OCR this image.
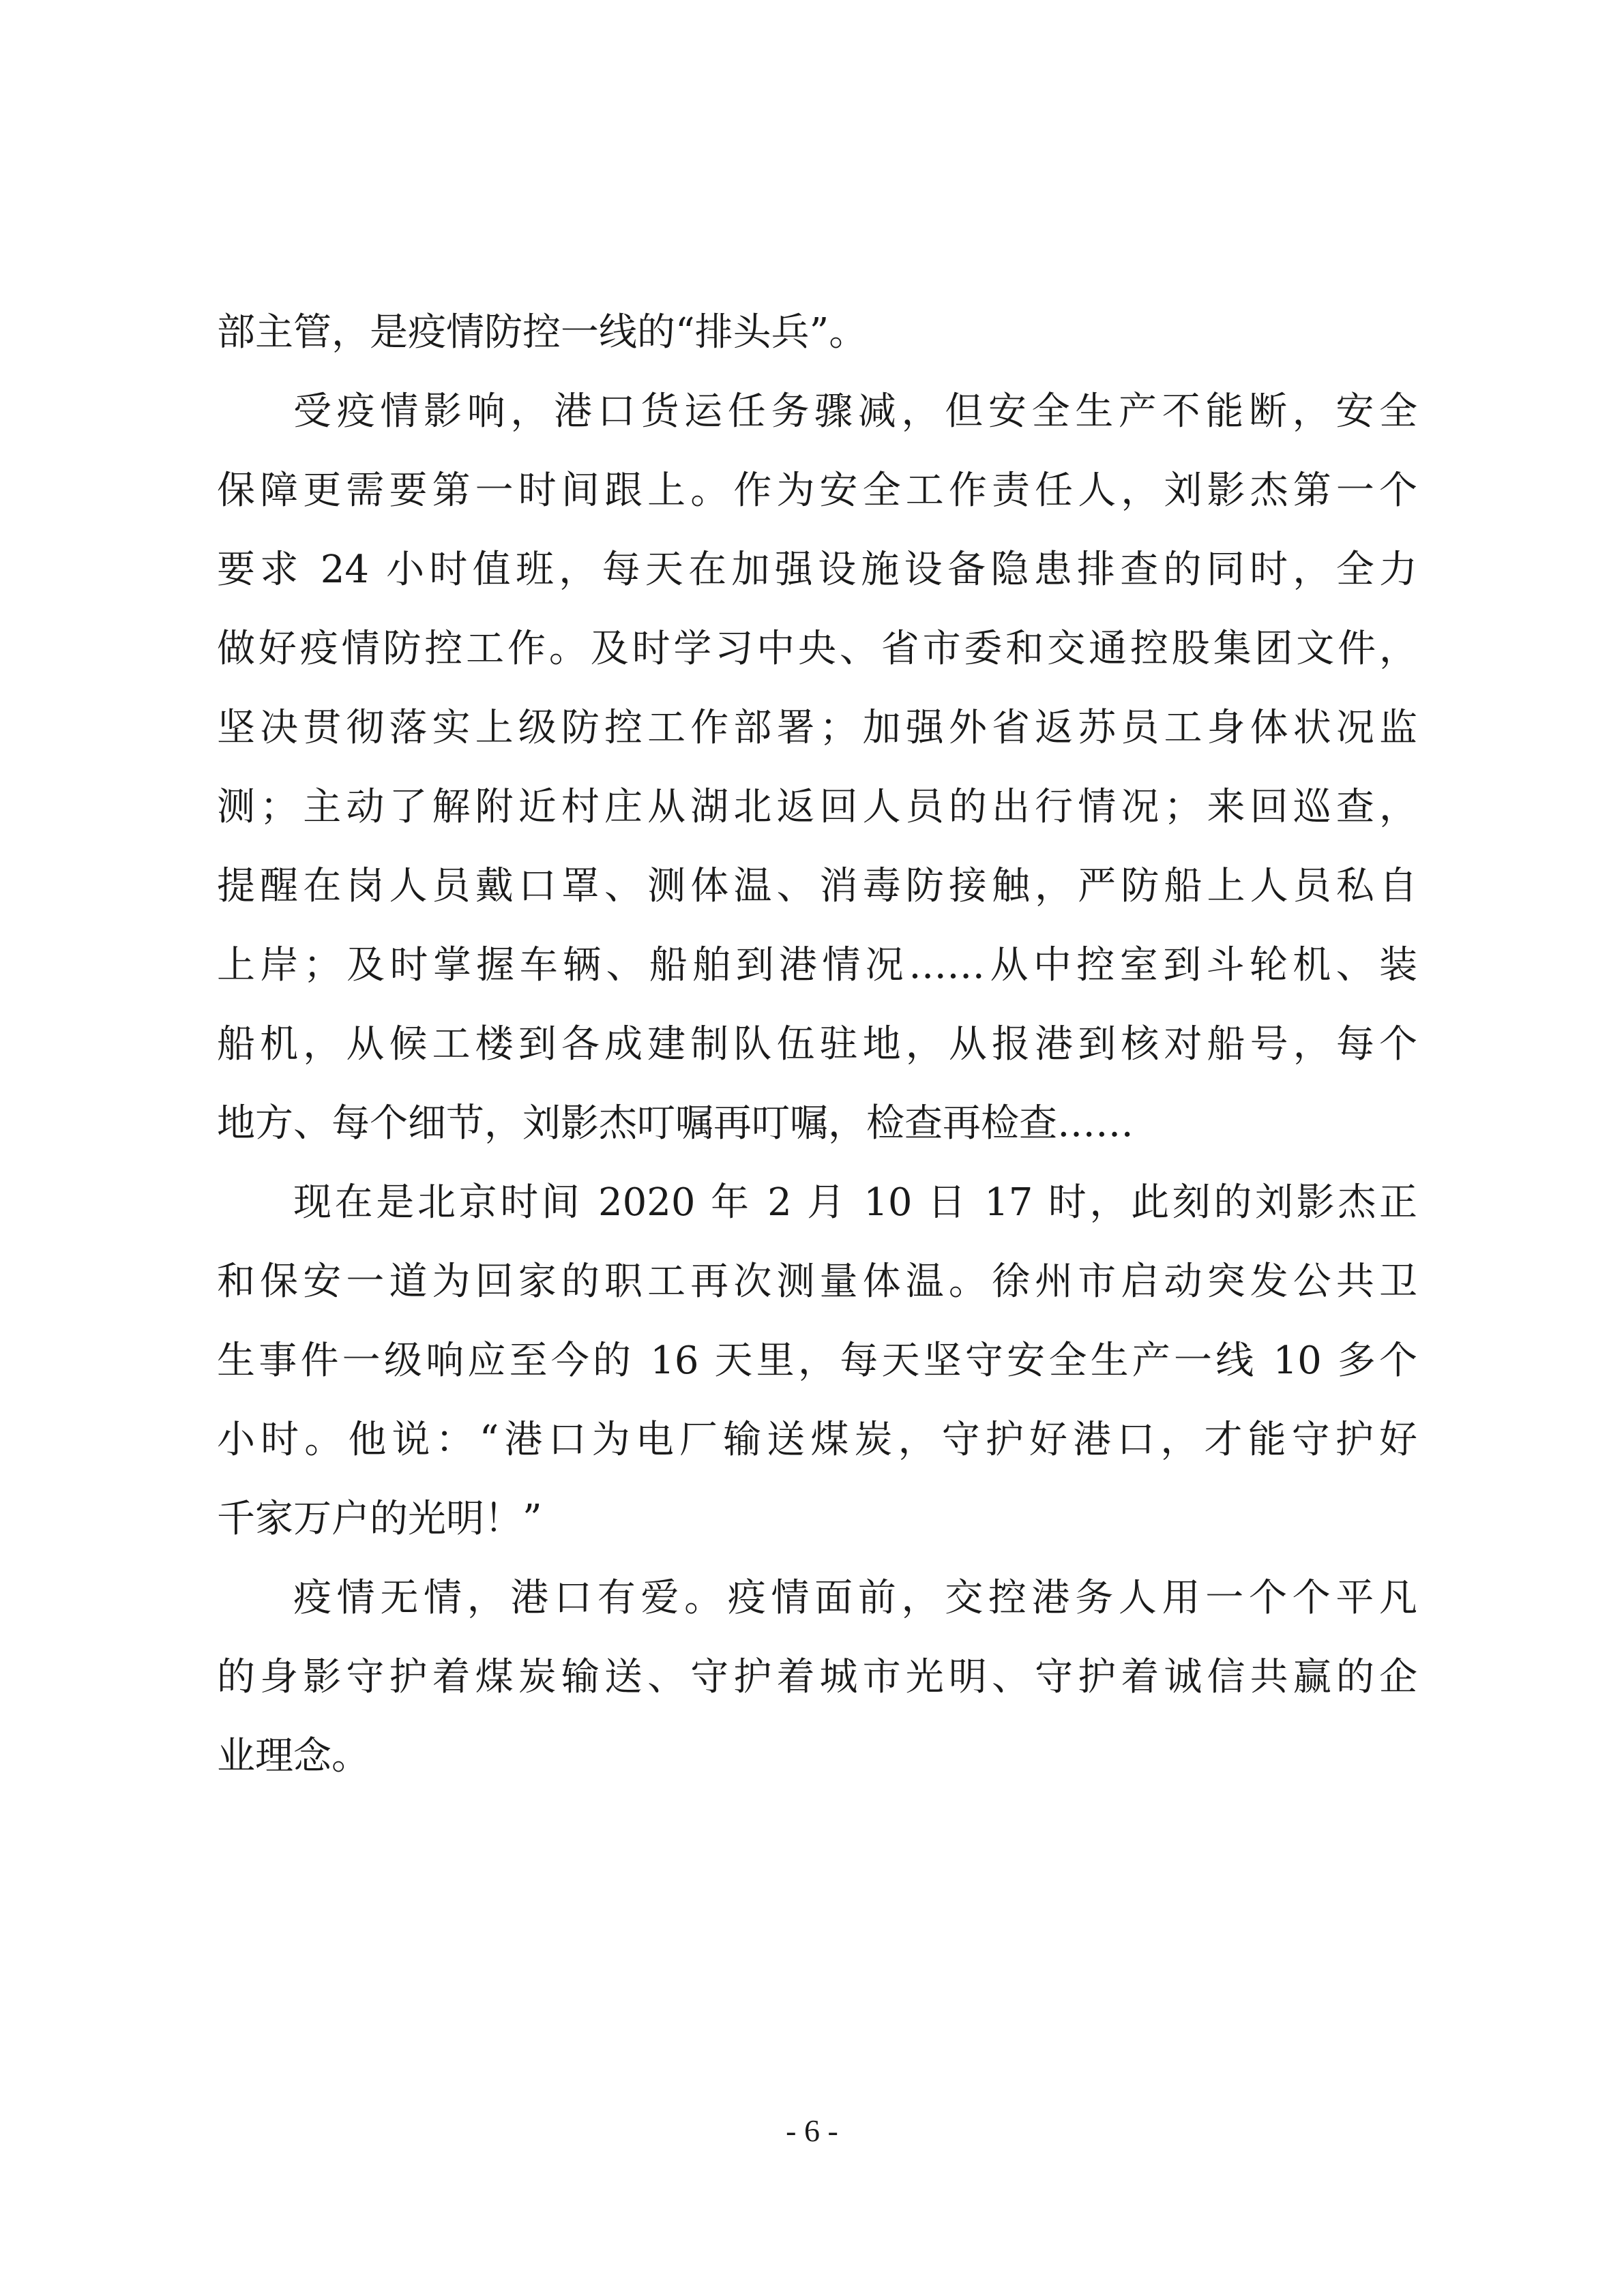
部主管，是疫情防控一线的“排头兵”。
受疫情影响，港口货运任务骤减，但安全生产不能断，安全
保障更需要第一时间跟上。作为安全工作责任人，刘影杰第一个
要求 24 小时值班，每天在加强设施设备隐患排查的同时，全力
做好疫情防控工作。及时学习中央、省市委和交通控股集团文件，
坚决贯彻落实上级防控工作部署；加强外省返苏员工身体状况监
测；主动了解附近村庄从湖北返回人员的出行情况；来回巡查，
提醒在岗人员戴口罩、测体温、消毒防接触，严防船上人员私自
上岸；及时掌握车辆、船舶到港情况……从中控室到斗轮机、装
船机，从候工楼到各成建制队伍驻地，从报港到核对船号，每个
地方、每个细节，刘影杰叮嘱再叮嘱，检查再检查……
现在是北京时间 2020 年 2 月 10 日 17 时，此刻的刘影杰正
和保安一道为回家的职工再次测量体温。徐州市启动突发公共卫
生事件一级响应至今的 16 天里，每天坚守安全生产一线 10 多个
小时。他说：“港口为电厂输送煤炭，守护好港口，才能守护好
千家万户的光明！”
疫情无情，港口有爱。疫情面前，交控港务人用一个个平凡
的身影守护着煤炭输送、守护着城市光明、守护着诚信共赢的企
业理念。
- 6 -
